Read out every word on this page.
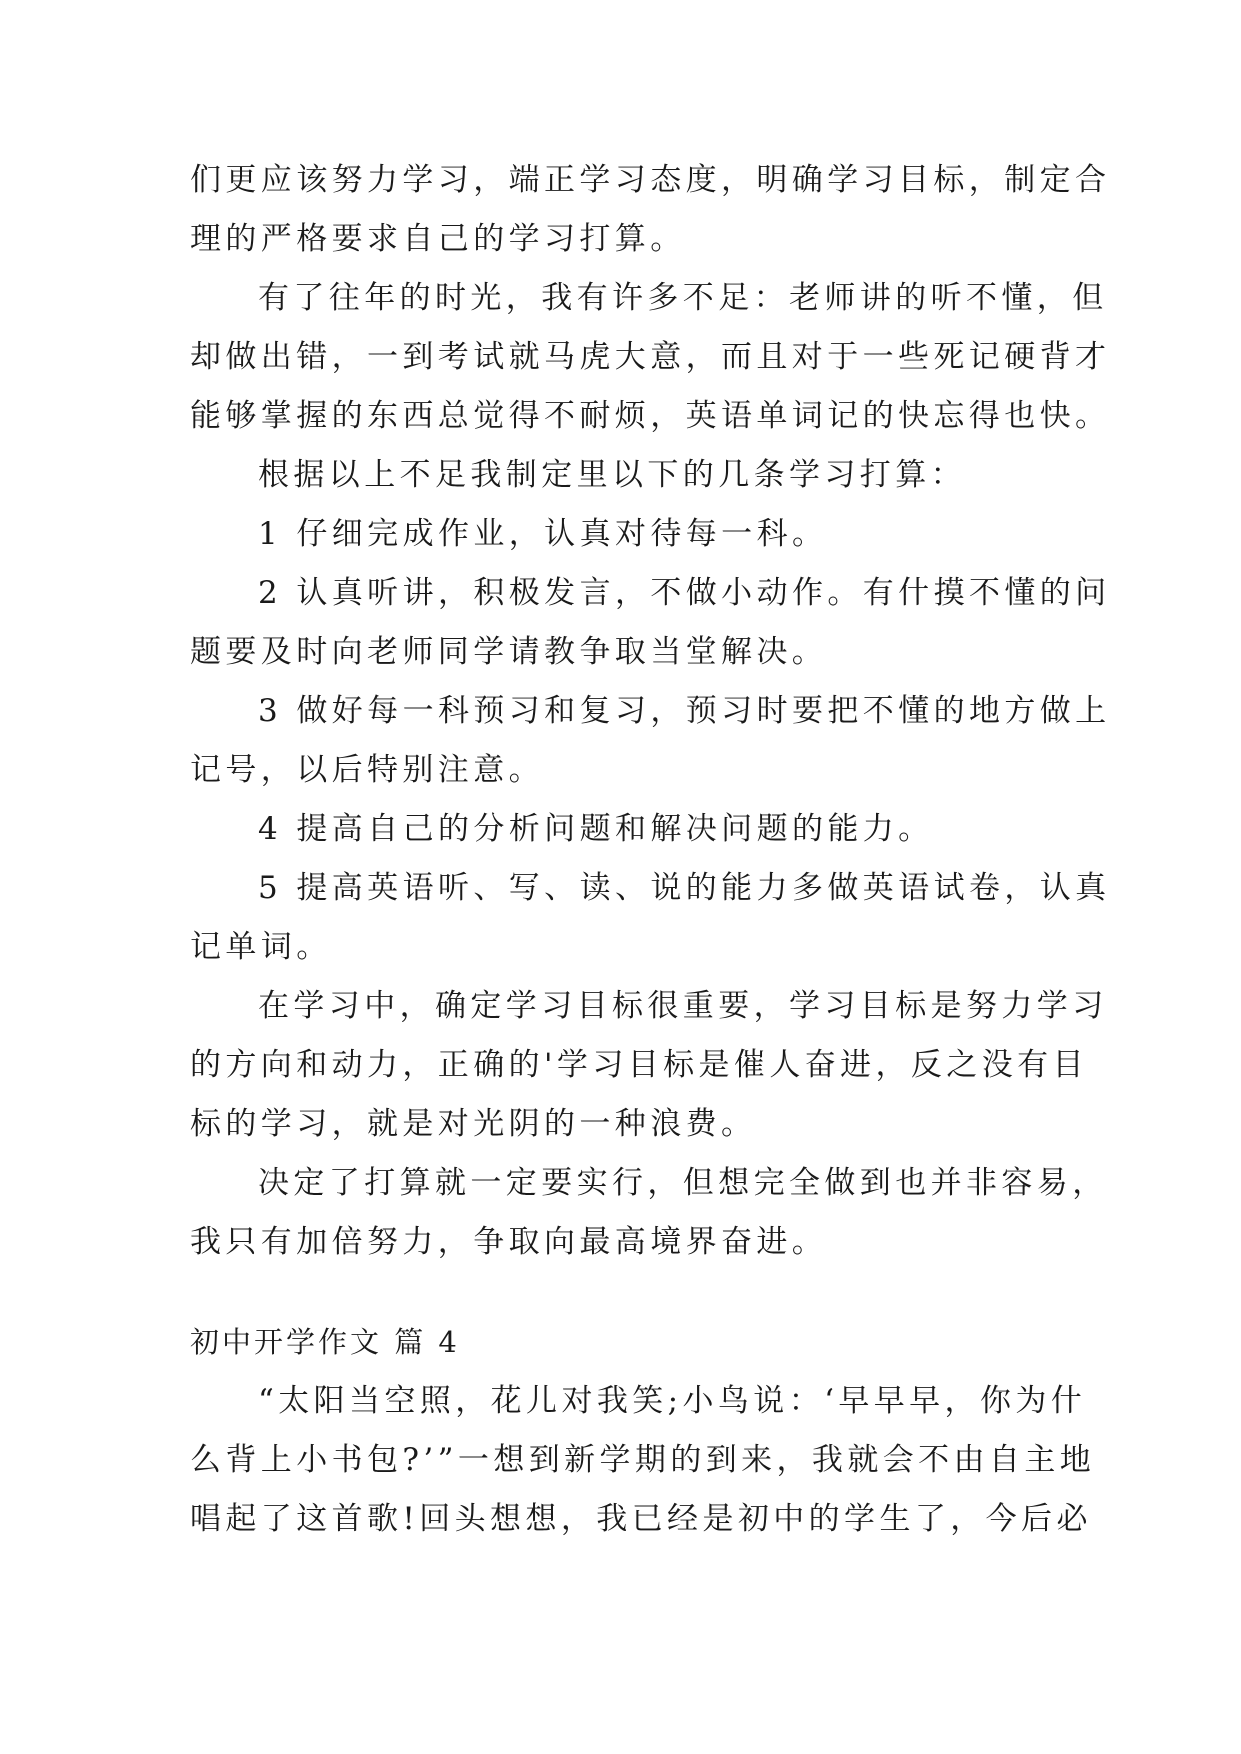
们更应该努力学习，端正学习态度，明确学习目标，制定合
理的严格要求自己的学习打算。
有了往年的时光，我有许多不足：老师讲的听不懂，但
却做出错，一到考试就马虎大意，而且对于一些死记硬背才
能够掌握的东西总觉得不耐烦，英语单词记的快忘得也快。
根据以上不足我制定里以下的几条学习打算：
1 仔细完成作业，认真对待每一科。
2 认真听讲，积极发言，不做小动作。有什摸不懂的问
题要及时向老师同学请教争取当堂解决。
3 做好每一科预习和复习，预习时要把不懂的地方做上
记号，以后特别注意。
4 提高自己的分析问题和解决问题的能力。
5 提高英语听、写、读、说的能力多做英语试卷，认真
记单词。
在学习中，确定学习目标很重要，学习目标是努力学习
的方向和动力，正确的'学习目标是催人奋进，反之没有目
标的学习，就是对光阴的一种浪费。
决定了打算就一定要实行，但想完全做到也并非容易，
我只有加倍努力，争取向最高境界奋进。
初中开学作文 篇 4
“太阳当空照，花儿对我笑;小鸟说：‘早早早，你为什
么背上小书包?’”一想到新学期的到来，我就会不由自主地
唱起了这首歌!回头想想，我已经是初中的学生了，今后必
